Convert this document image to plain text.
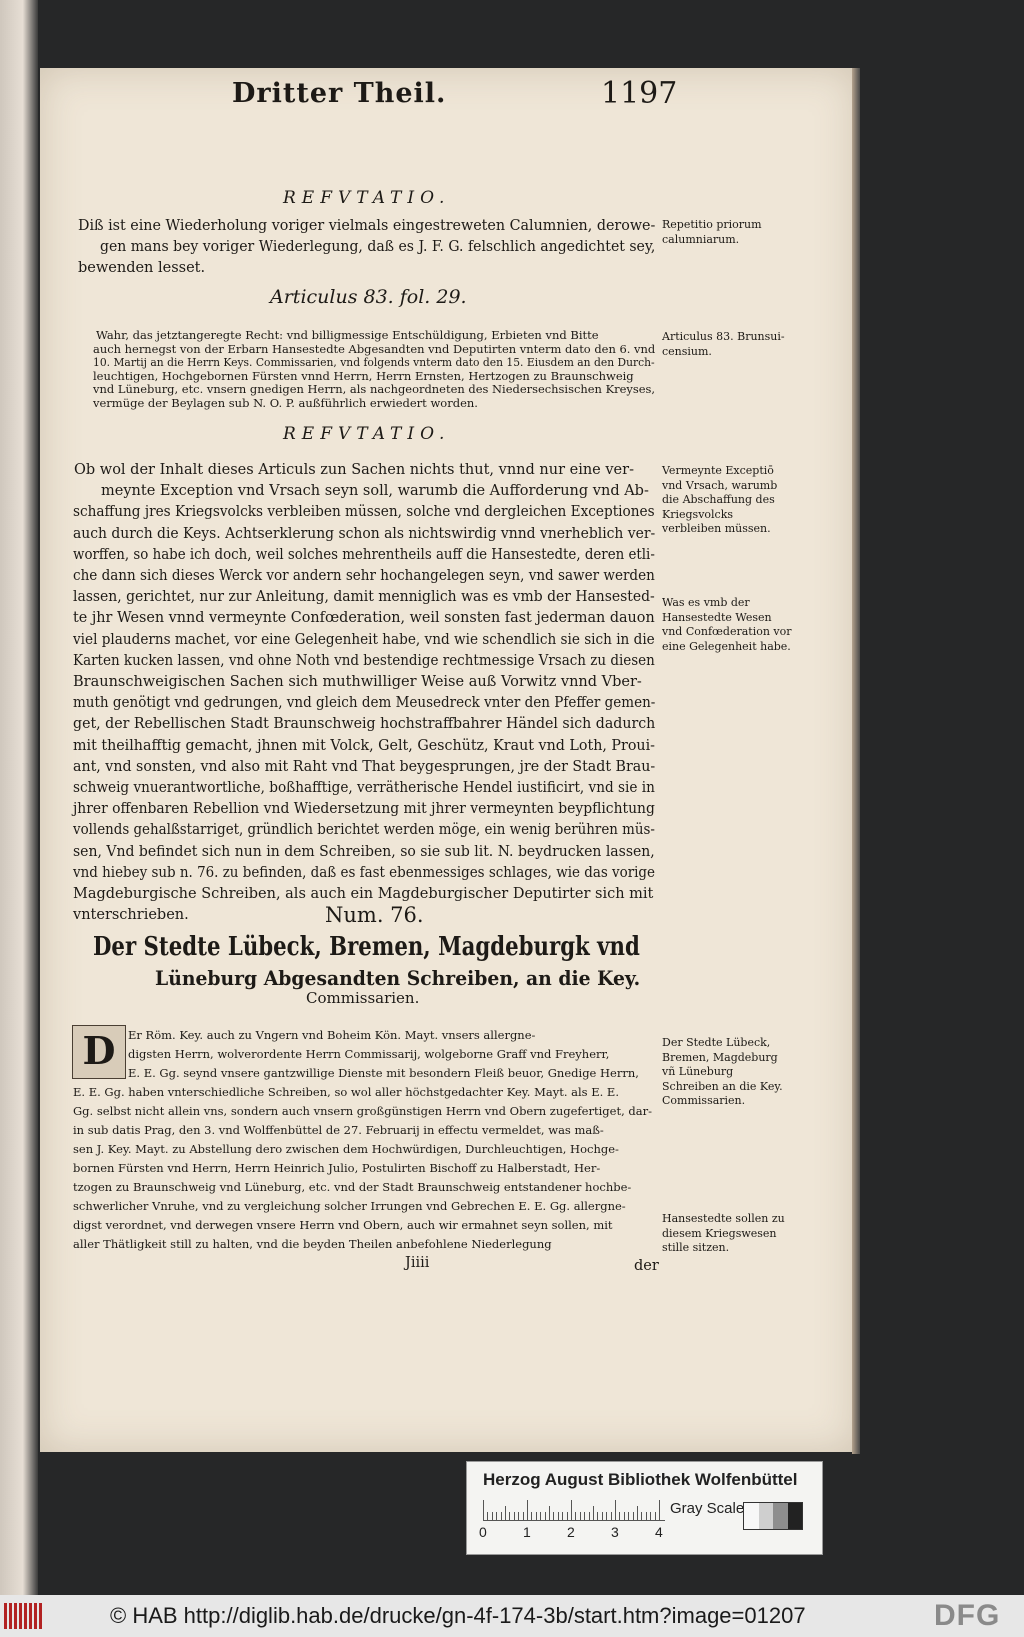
Dritter Theil.	1197
REFVTATIO.
Diß ist eine Wiederholung voriger vielmals eingestreweten Calumnien, derowe-
gen mans bey voriger Wiederlegung, daß es J. F. G. felschlich angedichtet sey,
bewenden lesset.
Articulus 83. fol. 29.
Wahr, das jetztangeregte Recht: vnd billigmessige Entschüldigung, Erbieten vnd Bitte
auch hernegst von der Erbarn Hansestedte Abgesandten vnd Deputirten vnterm dato den 6. vnd
10. Martij an die Herrn Keys. Commissarien, vnd folgends vnterm dato den 15. Eiusdem an den Durch-
leuchtigen, Hochgebornen Fürsten vnnd Herrn, Herrn Ernsten, Hertzogen zu Braunschweig
vnd Lüneburg, etc. vnsern gnedigen Herrn, als nachgeordneten des Niedersechsischen Kreyses,
vermüge der Beylagen sub N. O. P. außführlich erwiedert worden.
REFVTATIO.
Ob wol der Inhalt dieses Articuls zun Sachen nichts thut, vnnd nur eine ver-
meynte Exception vnd Vrsach seyn soll, warumb die Aufforderung vnd Ab-
schaffung jres Kriegsvolcks verbleiben müssen, solche vnd dergleichen Exceptiones
auch durch die Keys. Achtserklerung schon als nichtswirdig vnnd vnerheblich ver-
worffen, so habe ich doch, weil solches mehrentheils auff die Hansestedte, deren etli-
che dann sich dieses Werck vor andern sehr hochangelegen seyn, vnd sawer werden
lassen, gerichtet, nur zur Anleitung, damit menniglich was es vmb der Hansested-
te jhr Wesen vnnd vermeynte Confœderation, weil sonsten fast jederman dauon
viel plauderns machet, vor eine Gelegenheit habe, vnd wie schendlich sie sich in die
Karten kucken lassen, vnd ohne Noth vnd bestendige rechtmessige Vrsach zu diesen
Braunschweigischen Sachen sich muthwilliger Weise auß Vorwitz vnnd Vber-
muth genötigt vnd gedrungen, vnd gleich dem Meusedreck vnter den Pfeffer gemen-
get, der Rebellischen Stadt Braunschweig hochstraffbahrer Händel sich dadurch
mit theilhafftig gemacht, jhnen mit Volck, Gelt, Geschütz, Kraut vnd Loth, Proui-
ant, vnd sonsten, vnd also mit Raht vnd That beygesprungen, jre der Stadt Brau-
schweig vnuerantwortliche, boßhafftige, verrätherische Hendel iustificirt, vnd sie in
jhrer offenbaren Rebellion vnd Wiedersetzung mit jhrer vermeynten beypflichtung
vollends gehalßstarriget, gründlich berichtet werden möge, ein wenig berühren müs-
sen, Vnd befindet sich nun in dem Schreiben, so sie sub lit. N. beydrucken lassen,
vnd hiebey sub n. 76. zu befinden, daß es fast ebenmessiges schlages, wie das vorige
Magdeburgische Schreiben, als auch ein Magdeburgischer Deputirter sich mit
vnterschrieben.	Num. 76.
Der Stedte Lübeck, Bremen, Magdeburgk vnd
Lüneburg Abgesandten Schreiben, an die Key.
Commissarien.
D	Er Röm. Key. auch zu Vngern vnd Boheim Kön. Mayt. vnsers allergne-
digsten Herrn, wolverordente Herrn Commissarij, wolgeborne Graff vnd Freyherr,
E. E. Gg. seynd vnsere gantzwillige Dienste mit besondern Fleiß beuor, Gnedige Herrn,
E. E. Gg. haben vnterschiedliche Schreiben, so wol aller höchstgedachter Key. Mayt. als E. E.
Gg. selbst nicht allein vns, sondern auch vnsern großgünstigen Herrn vnd Obern zugefertiget, dar-
in sub datis Prag, den 3. vnd Wolffenbüttel de 27. Februarij in effectu vermeldet, was maß-
sen J. Key. Mayt. zu Abstellung dero zwischen dem Hochwürdigen, Durchleuchtigen, Hochge-
bornen Fürsten vnd Herrn, Herrn Heinrich Julio, Postulirten Bischoff zu Halberstadt, Her-
tzogen zu Braunschweig vnd Lüneburg, etc. vnd der Stadt Braunschweig entstandener hochbe-
schwerlicher Vnruhe, vnd zu vergleichung solcher Irrungen vnd Gebrechen E. E. Gg. allergne-
digst verordnet, vnd derwegen vnsere Herrn vnd Obern, auch wir ermahnet seyn sollen, mit
aller Thätligkeit still zu halten, vnd die beyden Theilen anbefohlene Niederlegung
Jiiii	der
Repetitio priorum calumniarum.
Articulus 83. Brunsui-censium.
Vermeynte Exceptiō vnd Vrsach, warumb die Abschaffung des Kriegsvolcks verbleiben müssen.
Was es vmb der Hansestedte Wesen vnd Confœderation vor eine Gelegenheit habe.
Der Stedte Lübeck, Bremen, Magdeburg vñ Lüneburg Schreiben an die Key. Commissarien.
Hansestedte sollen zu diesem Kriegswesen stille sitzen.
Herzog August Bibliothek Wolfenbüttel
0	1	2	3	4
Gray Scale
© HAB http://diglib.hab.de/drucke/gn-4f-174-3b/start.htm?image=01207	DFG
